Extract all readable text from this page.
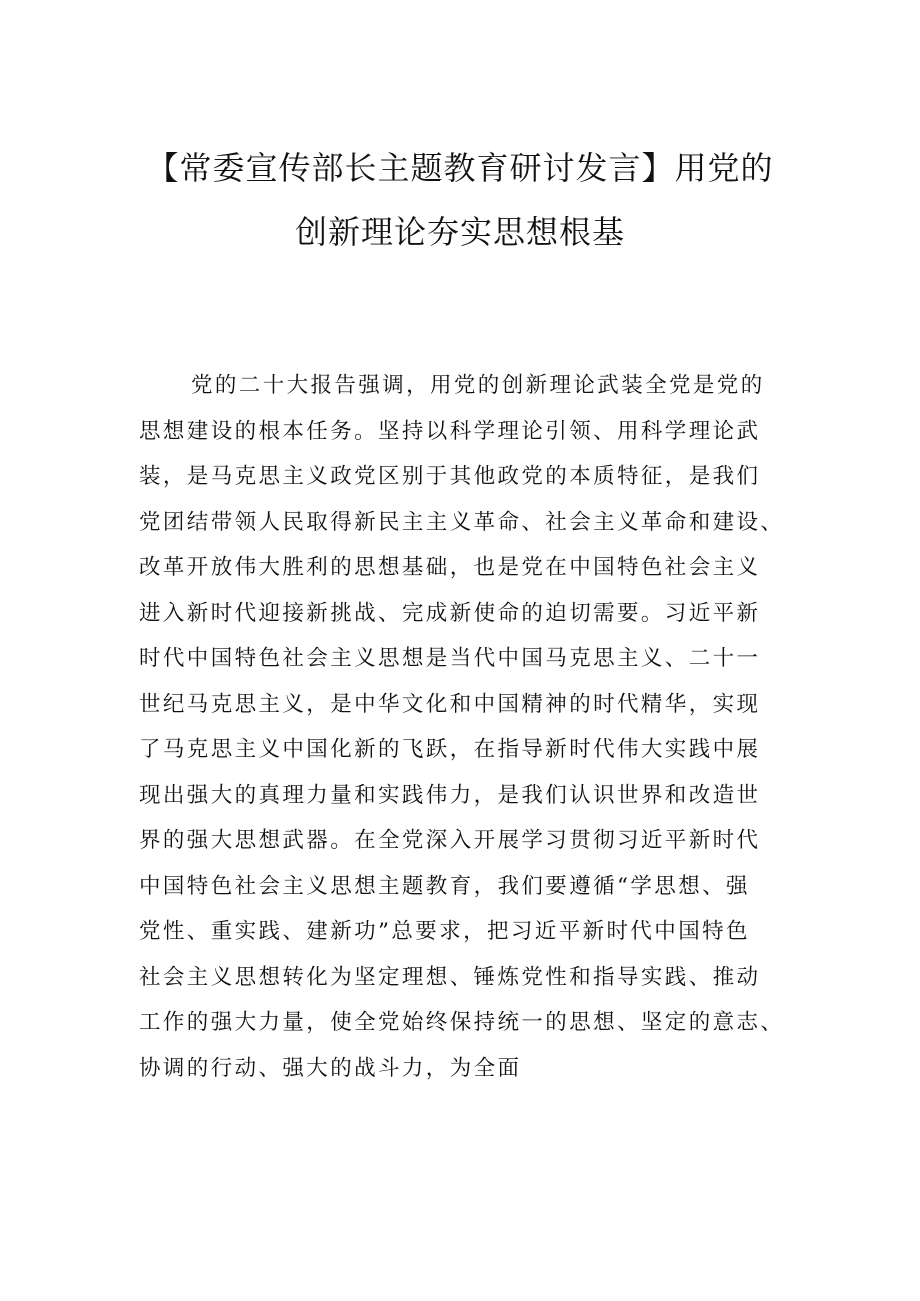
【常委宣传部长主题教育研讨发言】用党的
创新理论夯实思想根基
党的二十大报告强调，用党的创新理论武装全党是党的
思想建设的根本任务。坚持以科学理论引领、用科学理论武
装，是马克思主义政党区别于其他政党的本质特征，是我们
党团结带领人民取得新民主主义革命、社会主义革命和建设、
改革开放伟大胜利的思想基础，也是党在中国特色社会主义
进入新时代迎接新挑战、完成新使命的迫切需要。习近平新
时代中国特色社会主义思想是当代中国马克思主义、二十一
世纪马克思主义，是中华文化和中国精神的时代精华，实现
了马克思主义中国化新的飞跃，在指导新时代伟大实践中展
现出强大的真理力量和实践伟力，是我们认识世界和改造世
界的强大思想武器。在全党深入开展学习贯彻习近平新时代
中国特色社会主义思想主题教育，我们要遵循“学思想、强
党性、重实践、建新功”总要求，把习近平新时代中国特色
社会主义思想转化为坚定理想、锤炼党性和指导实践、推动
工作的强大力量，使全党始终保持统一的思想、坚定的意志、
协调的行动、强大的战斗力，为全面
